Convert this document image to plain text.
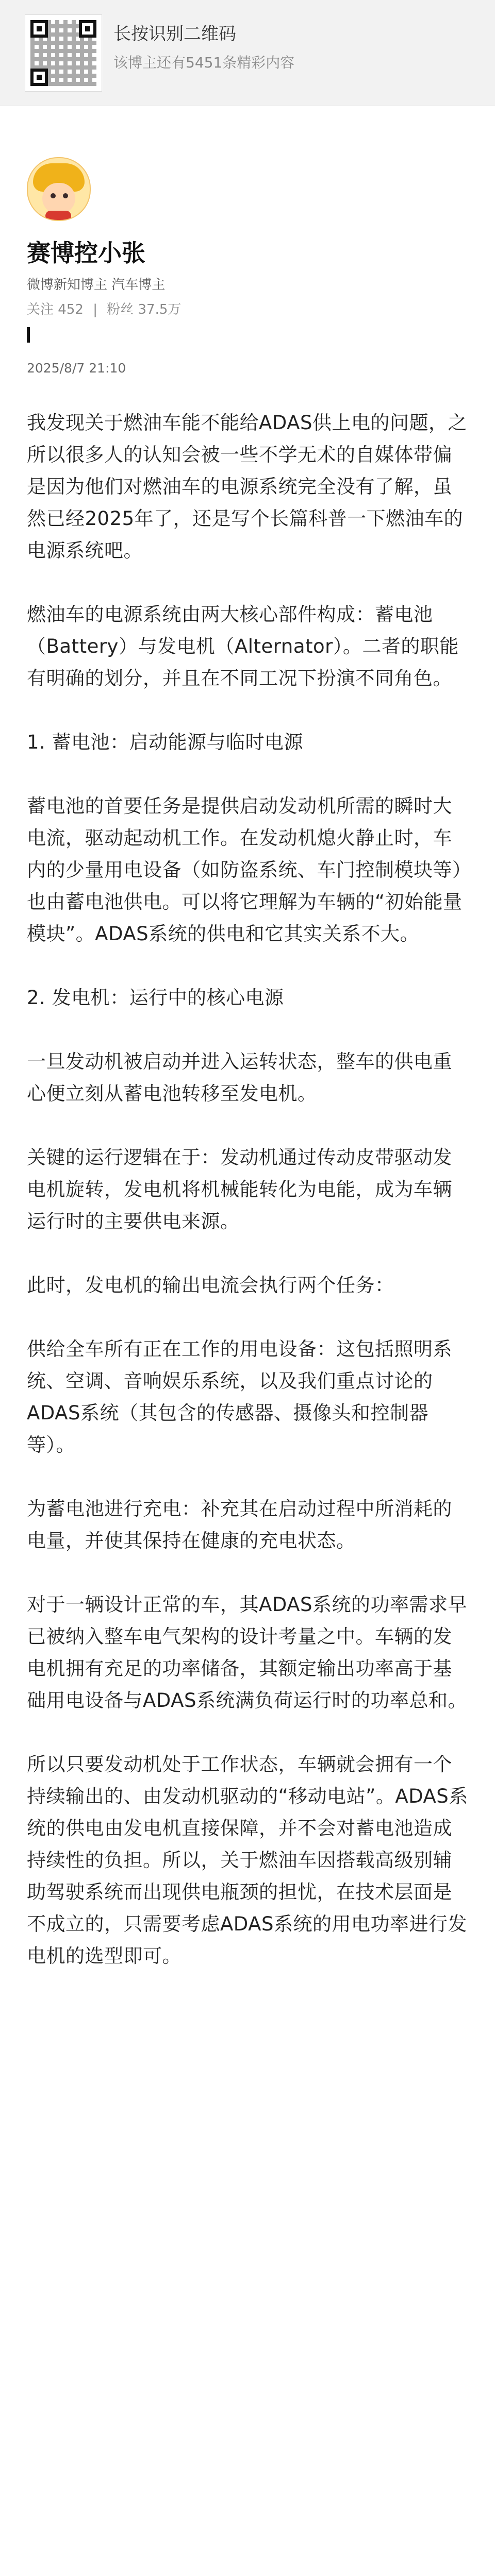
长按识别二维码
该博主还有5451条精彩内容
赛博控小张
微博新知博主 汽车博主
关注 452 | 粉丝 37.5万
2025/8/7 21:10

我发现关于燃油车能不能给ADAS供上电的问题，之所以很多人的认知会被一些不学无术的自媒体带偏是因为他们对燃油车的电源系统完全没有了解，虽然已经2025年了，还是写个长篇科普一下燃油车的电源系统吧。

燃油车的电源系统由两大核心部件构成：蓄电池（Battery）与发电机（Alternator）。二者的职能有明确的划分，并且在不同工况下扮演不同角色。

1. 蓄电池：启动能源与临时电源

蓄电池的首要任务是提供启动发动机所需的瞬时大电流，驱动起动机工作。在发动机熄火静止时，车内的少量用电设备（如防盗系统、车门控制模块等）也由蓄电池供电。可以将它理解为车辆的“初始能量模块”。ADAS系统的供电和它其实关系不大。

2. 发电机：运行中的核心电源

一旦发动机被启动并进入运转状态，整车的供电重心便立刻从蓄电池转移至发电机。

关键的运行逻辑在于：发动机通过传动皮带驱动发电机旋转，发电机将机械能转化为电能，成为车辆运行时的主要供电来源。

此时，发电机的输出电流会执行两个任务：

供给全车所有正在工作的用电设备：这包括照明系统、空调、音响娱乐系统，以及我们重点讨论的ADAS系统（其包含的传感器、摄像头和控制器等）。

为蓄电池进行充电：补充其在启动过程中所消耗的电量，并使其保持在健康的充电状态。

对于一辆设计正常的车，其ADAS系统的功率需求早已被纳入整车电气架构的设计考量之中。车辆的发电机拥有充足的功率储备，其额定输出功率高于基础用电设备与ADAS系统满负荷运行时的功率总和。

所以只要发动机处于工作状态，车辆就会拥有一个持续输出的、由发动机驱动的“移动电站”。ADAS系统的供电由发电机直接保障，并不会对蓄电池造成持续性的负担。所以，关于燃油车因搭载高级别辅助驾驶系统而出现供电瓶颈的担忧，在技术层面是不成立的，只需要考虑ADAS系统的用电功率进行发电机的选型即可。
